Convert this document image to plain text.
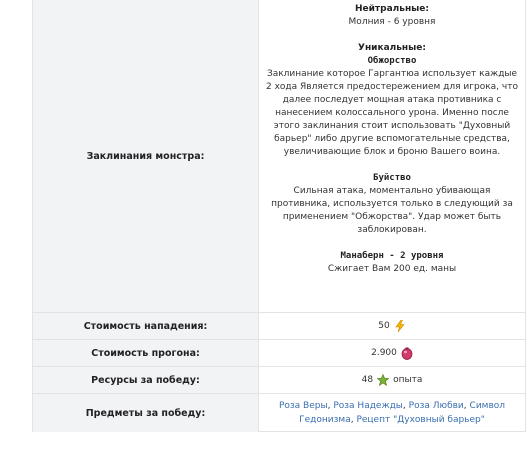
Заклинания монстра:
Нейтральные:
Молния - 6 уровня
Уникальные:
Обжорство
Заклинание которое Гаргантюа использует каждые
2 хода Является предостережением для игрока, что
далее последует мощная атака противника с
нанесением колоссального урона. Именно после
этого заклинания стоит использовать "Духовный
барьер" либо другие вспомогательные средства,
увеличивающие блок и броню Вашего воина.
Буйство
Сильная атака, моментально убивающая
противника, используется только в следующий за
применением "Обжорства". Удар может быть
заблокирован.
Манаберн - 2 уровня
Сжигает Вам 200 ед. маны
Стоимость нападения:	50
Стоимость прогона:	2.900
Ресурсы за победу:	48 опыта
Предметы за победу:
Роза Веры, Роза Надежды, Роза Любви, Символ Гедонизма, Рецепт "Духовный барьер"
